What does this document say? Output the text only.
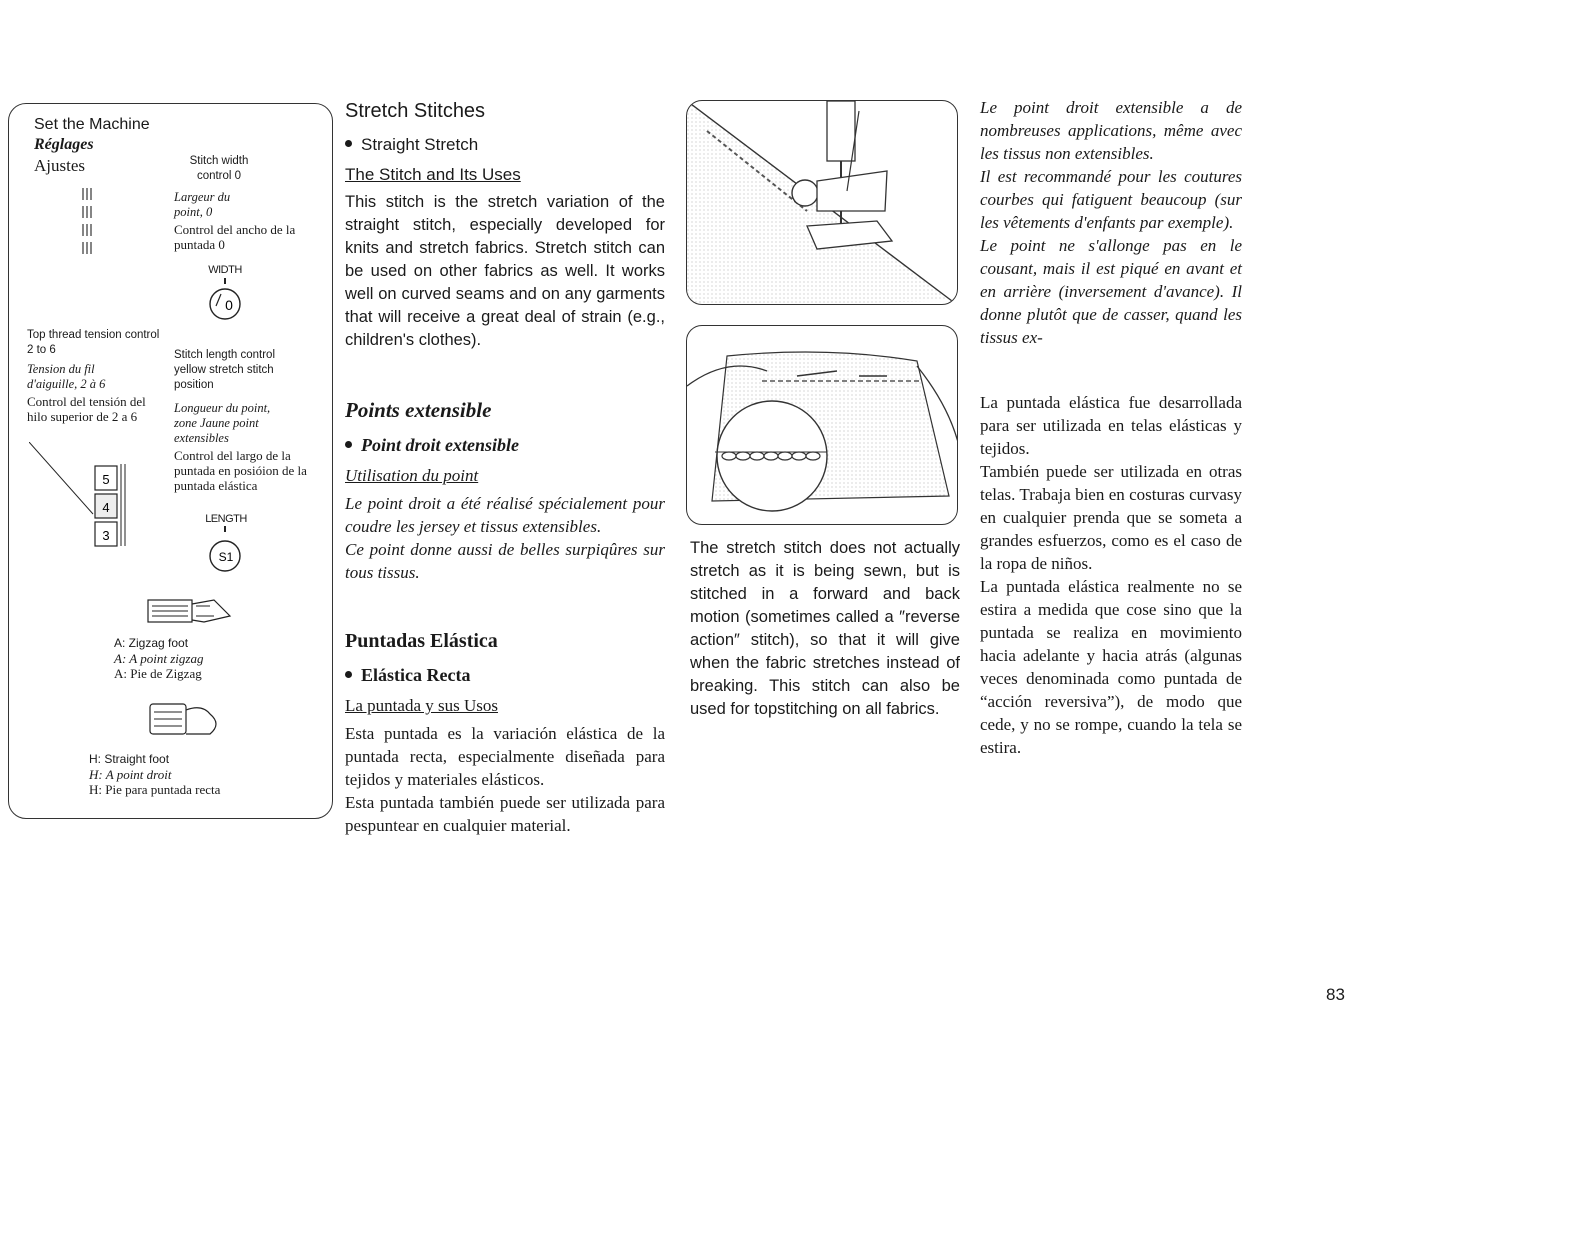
Set the Machine
Réglages
Ajustes	Stitch width control 0
Largeur du point, 0
Control del ancho de la puntada 0
WIDTH
0
Top thread tension control 2 to 6
Tension du fil d'aiguille, 2 à 6
Control del tensión del hilo superior de 2 a 6
5
4
3
Stitch length control yellow stretch stitch position
Longueur du point, zone Jaune point extensibles
Control del largo de la puntada en posióion de la puntada elástica
LENGTH
S1
A: Zigzag foot
A: A point zigzag
A: Pie de Zigzag
H: Straight foot
H: A point droit
H: Pie para puntada recta
Stretch Stitches
Straight Stretch
The Stitch and Its Uses
This stitch is the stretch variation of the straight stitch, especially developed for knits and stretch fabrics. Stretch stitch can be used on other fabrics as well. It works well on curved seams and on any garments that will receive a great deal of strain (e.g., children's clothes).
Points extensible
Point droit extensible
Utilisation du point
Le point droit a été réalisé spécialement pour coudre les jersey et tissus extensibles.
Ce point donne aussi de belles surpiqûres sur tous tissus.
Puntadas Elástica
Elástica Recta
La puntada y sus Usos
Esta puntada es la variación elástica de la puntada recta, especialmente diseñada para tejidos y materiales elásticos.
Esta puntada también puede ser utilizada para pespuntear en cualquier material.
The stretch stitch does not actually stretch as it is being sewn, but is stitched in a forward and back motion (sometimes called a ″reverse action″ stitch), so that it will give when the fabric stretches instead of breaking. This stitch can also be used for topstitching on all fabrics.
Le point droit extensible a de nombreuses applications, même avec les tissus non extensibles.
Il est recommandé pour les coutures courbes qui fatiguent beaucoup (sur les vêtements d'enfants par exemple).
Le point ne s'allonge pas en le cousant, mais il est piqué en avant et en arrière (inversement d'avance). Il donne plutôt que de casser, quand les tissus ex-
La puntada elástica fue desarrollada para ser utilizada en telas elásticas y tejidos.
También puede ser utilizada en otras telas. Trabaja bien en costuras curvasy en cualquier prenda que se someta a grandes esfuerzos, como es el caso de la ropa de niños.
La puntada elástica realmente no se estira a medida que cose sino que la puntada se realiza en movimiento hacia adelante y hacia atrás (algunas veces denominada como puntada de “acción reversiva”), de modo que cede, y no se rompe, cuando la tela se estira.
83
